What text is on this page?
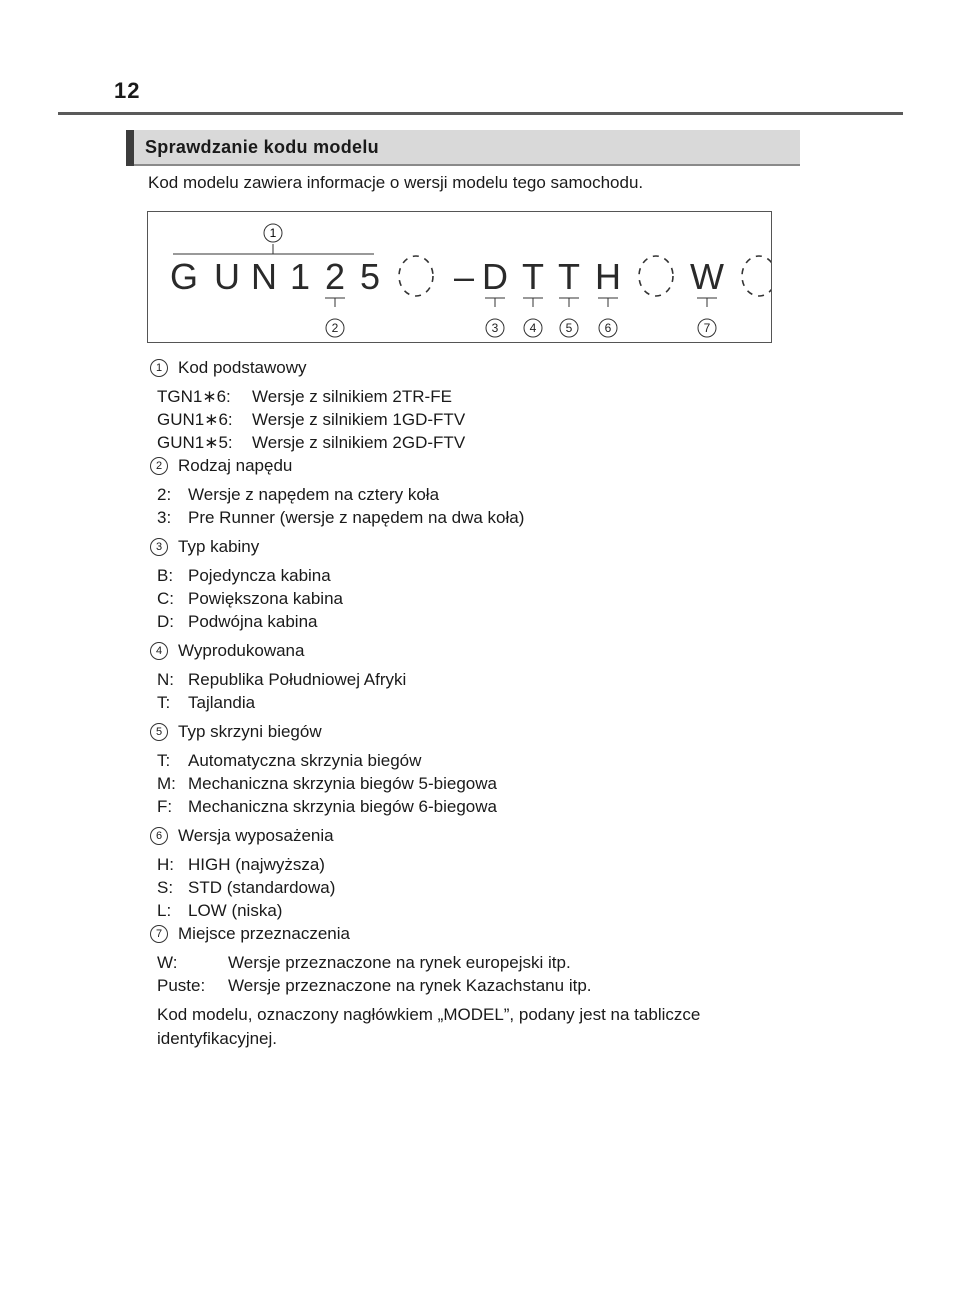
12
Sprawdzanie kodu modelu
Kod modelu zawiera informacje o wersji modelu tego samochodu.
1
G U N 1 2 5 – D T T H W
2	3	4 5	6	7
1 Kod podstawowy
TGN1∗6:	Wersje z silnikiem 2TR-FE
GUN1∗6:	Wersje z silnikiem 1GD-FTV
GUN1∗5:	Wersje z silnikiem 2GD-FTV
2 Rodzaj napędu
2: Wersje z napędem na cztery koła
3: Pre Runner (wersje z napędem na dwa koła)
3 Typ kabiny
B: Pojedyncza kabina
C: Powiększona kabina
D: Podwójna kabina
4 Wyprodukowana
N: Republika Południowej Afryki
T:	Tajlandia
5 Typ skrzyni biegów
T:	Automatyczna skrzynia biegów
M: Mechaniczna skrzynia biegów 5-biegowa
F: Mechaniczna skrzynia biegów 6-biegowa
6 Wersja wyposażenia
H: HIGH (najwyższa)
S: STD (standardowa)
L: LOW (niska)
7 Miejsce przeznaczenia
W:	Wersje przeznaczone na rynek europejski itp.
Puste:	Wersje przeznaczone na rynek Kazachstanu itp.
Kod modelu, oznaczony nagłówkiem „MODEL”, podany jest na tabliczce identyfikacyjnej.
